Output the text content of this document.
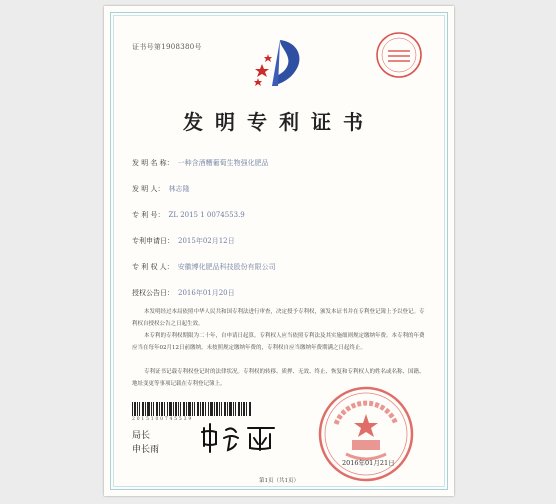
证书号第1908380号
发明专利证书
发 明 名 称： 一种含酒糟葡萄生物强化肥品
发 明 人： 林志隆
专 利 号： ZL 2015 1 0074553.9
专利申请日： 2015年02月12日
专 利 权 人： 安徽博化肥品科技股份有限公司
授权公告日： 2016年01月20日
本发明经过本局依照中华人民共和国专利法进行审查，决定授予专利权，颁发本证书并在专利登记簿上予以登记。专利权自授权公告之日起生效。
本专利的专利权期限为二十年，自申请日起算。专利权人应当依照专利法及其实施细则规定缴纳年费。本专利的年费应当在每年02月12日前缴纳。未按照规定缴纳年费的，专利权自应当缴纳年费期满之日起终止。
专利证书记载专利权登记时的法律状况。专利权的转移、质押、无效、终止、恢复和专利权人的姓名或名称、国籍、地址变更等事项记载在专利登记簿上。
2 0 1 5 1 0 0 7 4 5 5 3 9
局长
申长雨
2016年01月21日
第1页（共1页）
